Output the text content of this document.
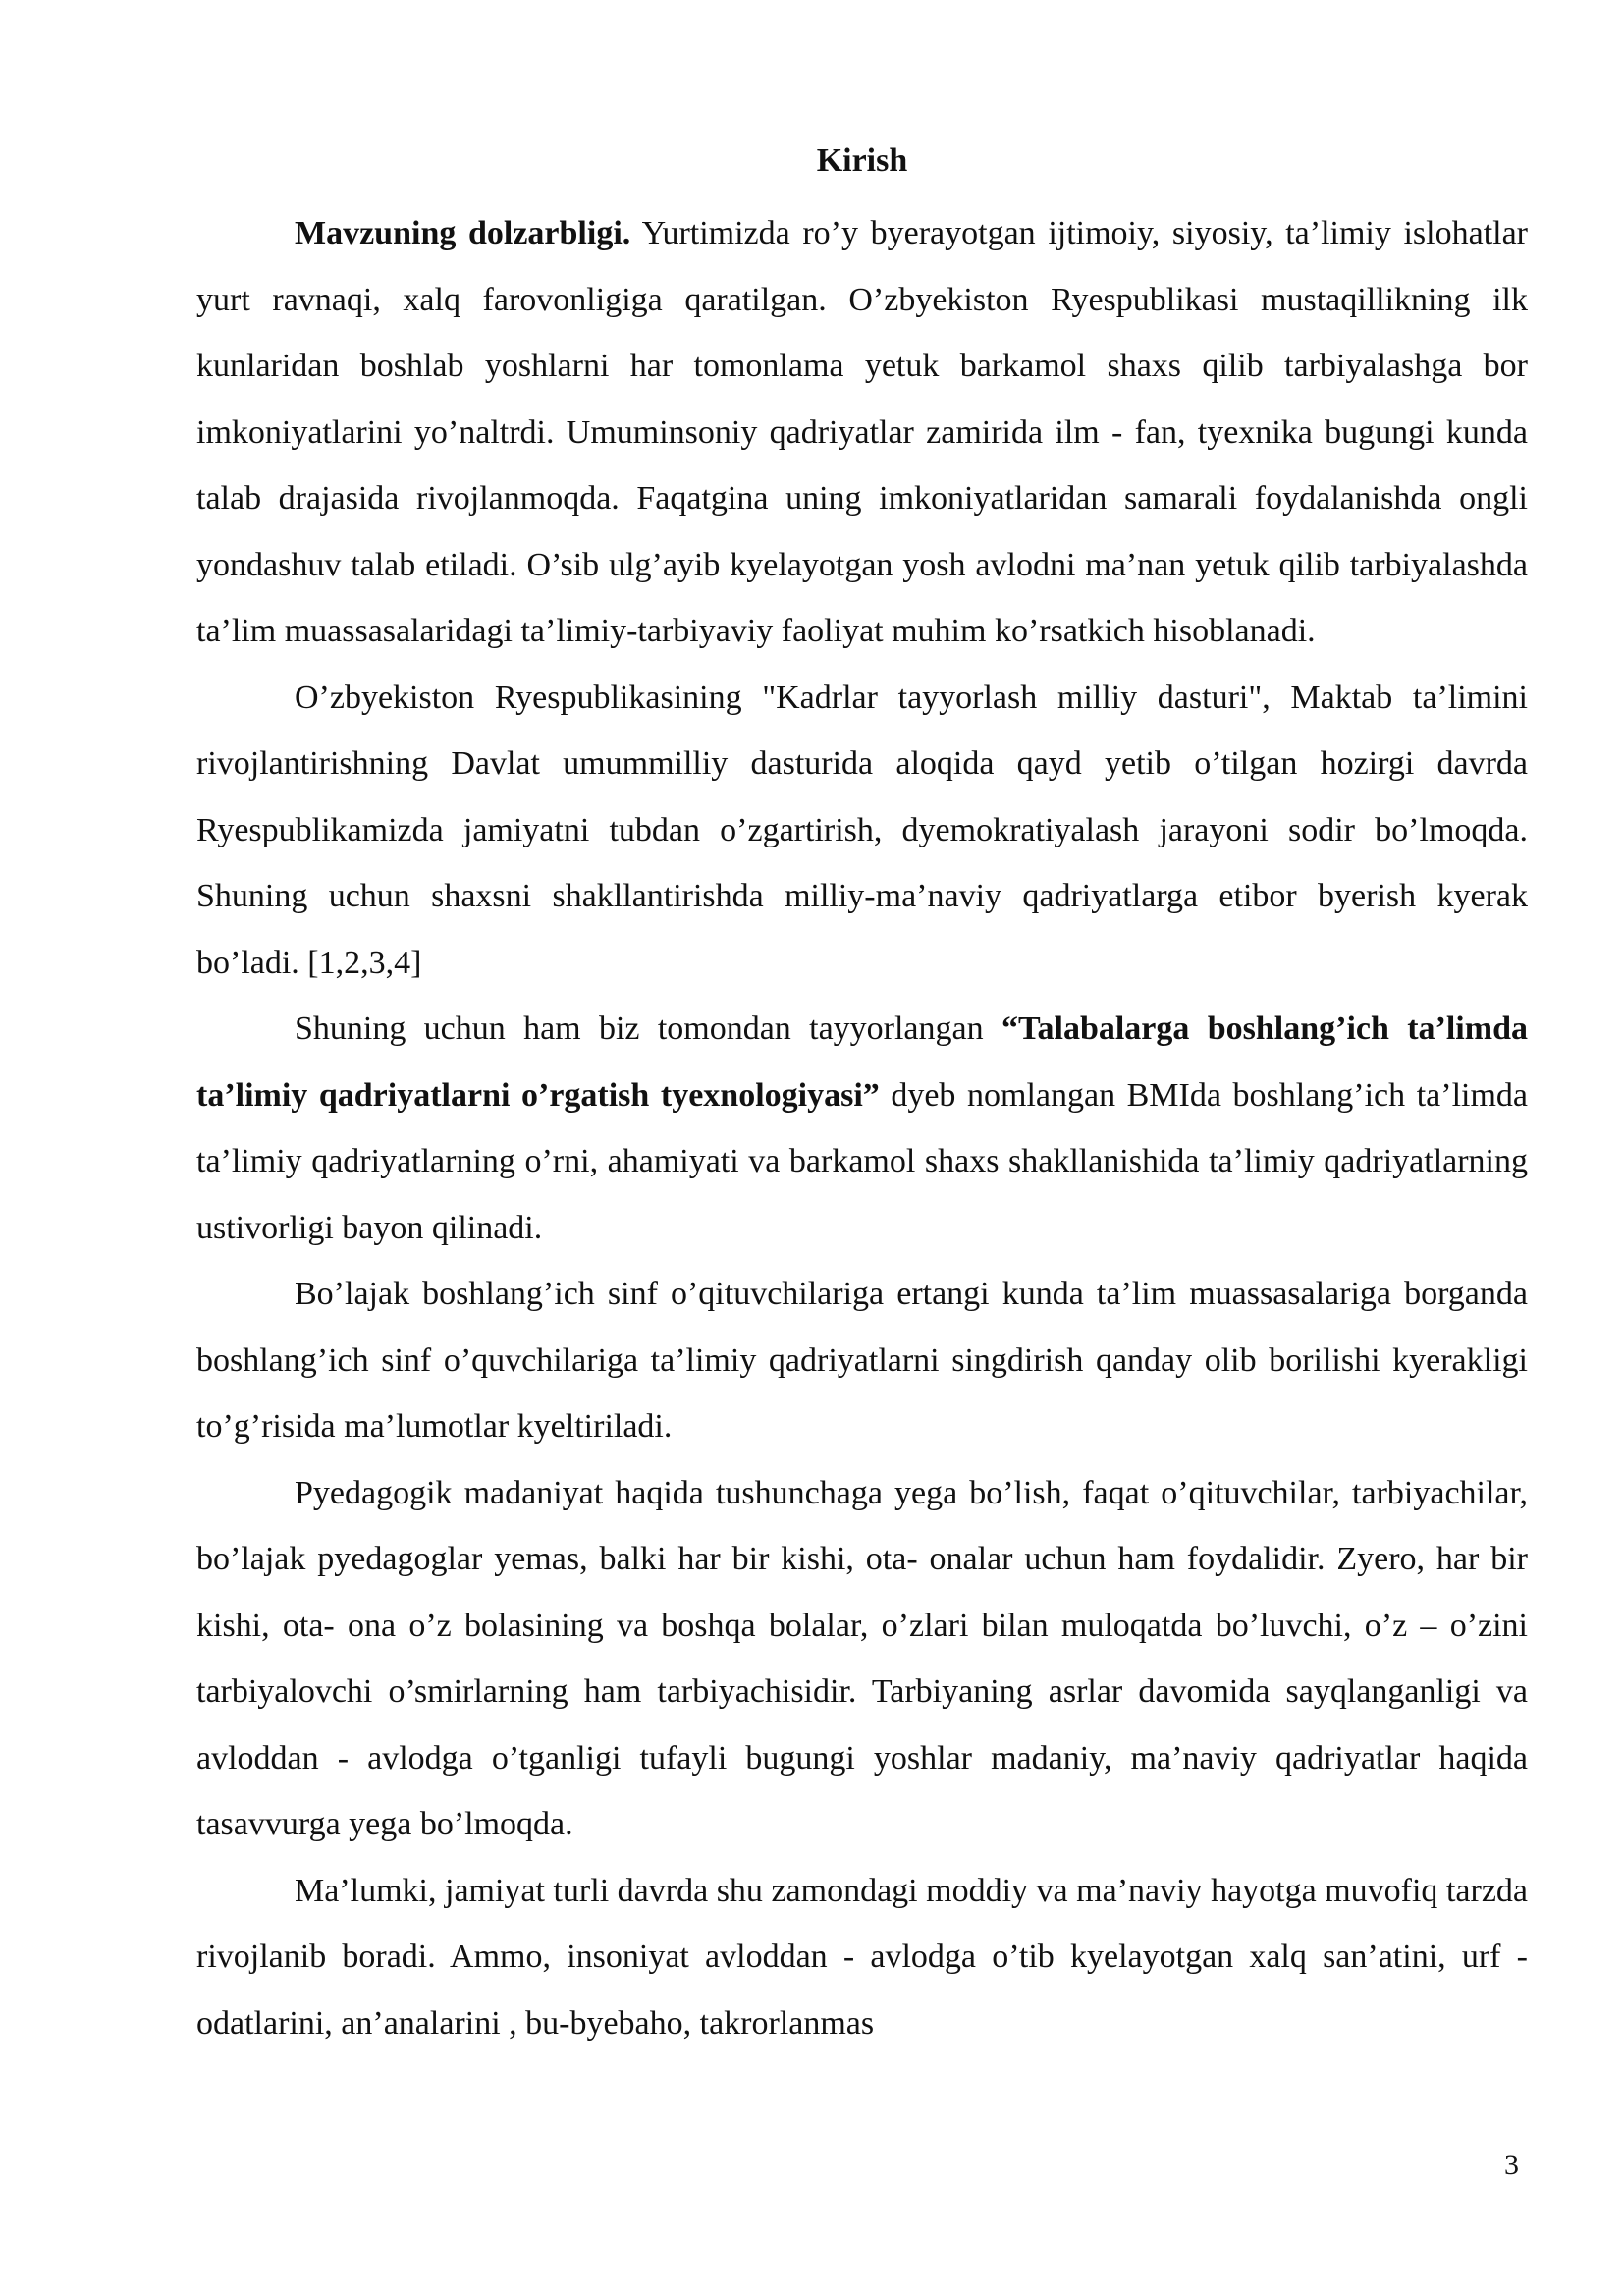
Kirish

Mavzuning dolzarbligi. Yurtimizda ro’y byerayotgan ijtimoiy, siyosiy, ta’limiy islohatlar yurt ravnaqi, xalq farovonligiga qaratilgan. O’zbyekiston Ryespublikasi mustaqillikning ilk kunlaridan boshlab yoshlarni har tomonlama yetuk barkamol shaxs qilib tarbiyalashga bor imkoniyatlarini yo’naltrdi. Umuminsoniy qadriyatlar zamirida ilm - fan, tyexnika bugungi kunda talab drajasida rivojlanmoqda. Faqatgina uning imkoniyatlaridan samarali foydalanishda ongli yondashuv talab etiladi. O’sib ulg’ayib kyelayotgan yosh avlodni ma’nan yetuk qilib tarbiyalashda ta’lim muassasalaridagi ta’limiy-tarbiyaviy faoliyat muhim ko’rsatkich hisoblanadi.

O’zbyekiston Ryespublikasining "Kadrlar tayyorlash milliy dasturi", Maktab ta’limini rivojlantirishning Davlat umummilliy dasturida aloqida qayd yetib o’tilgan hozirgi davrda Ryespublikamizda jamiyatni tubdan o’zgartirish, dyemokratiyalash jarayoni sodir bo’lmoqda. Shuning uchun shaxsni shakllantirishda milliy-ma’naviy qadriyatlarga etibor byerish kyerak bo’ladi. [1,2,3,4]

Shuning uchun ham biz tomondan tayyorlangan “Talabalarga boshlang’ich ta’limda ta’limiy qadriyatlarni o’rgatish tyexnologiyasi” dyeb nomlangan BMIda boshlang’ich ta’limda ta’limiy qadriyatlarning o’rni, ahamiyati va barkamol shaxs shakllanishida ta’limiy qadriyatlarning ustivorligi bayon qilinadi.

Bo’lajak boshlang’ich sinf o’qituvchilariga ertangi kunda ta’lim muassasalariga borganda boshlang’ich sinf o’quvchilariga ta’limiy qadriyatlarni singdirish qanday olib borilishi kyerakligi to’g’risida ma’lumotlar kyeltiriladi.

Pyedagogik madaniyat haqida tushunchaga yega bo’lish, faqat o’qituvchilar, tarbiyachilar, bo’lajak pyedagoglar yemas, balki har bir kishi, ota- onalar uchun ham foydalidir. Zyero, har bir kishi, ota- ona o’z bolasining va boshqa bolalar, o’zlari bilan muloqatda bo’luvchi, o’z – o’zini tarbiyalovchi o’smirlarning ham tarbiyachisidir. Tarbiyaning asrlar davomida sayqlanganligi va avloddan - avlodga o’tganligi tufayli bugungi yoshlar madaniy, ma’naviy qadriyatlar haqida tasavvurga yega bo’lmoqda.

Ma’lumki, jamiyat turli davrda shu zamondagi moddiy va ma’naviy hayotga muvofiq tarzda rivojlanib boradi. Ammo, insoniyat avloddan - avlodga o’tib kyelayotgan xalq san’atini, urf - odatlarini, an’analarini , bu-byebaho, takrorlanmas

3
